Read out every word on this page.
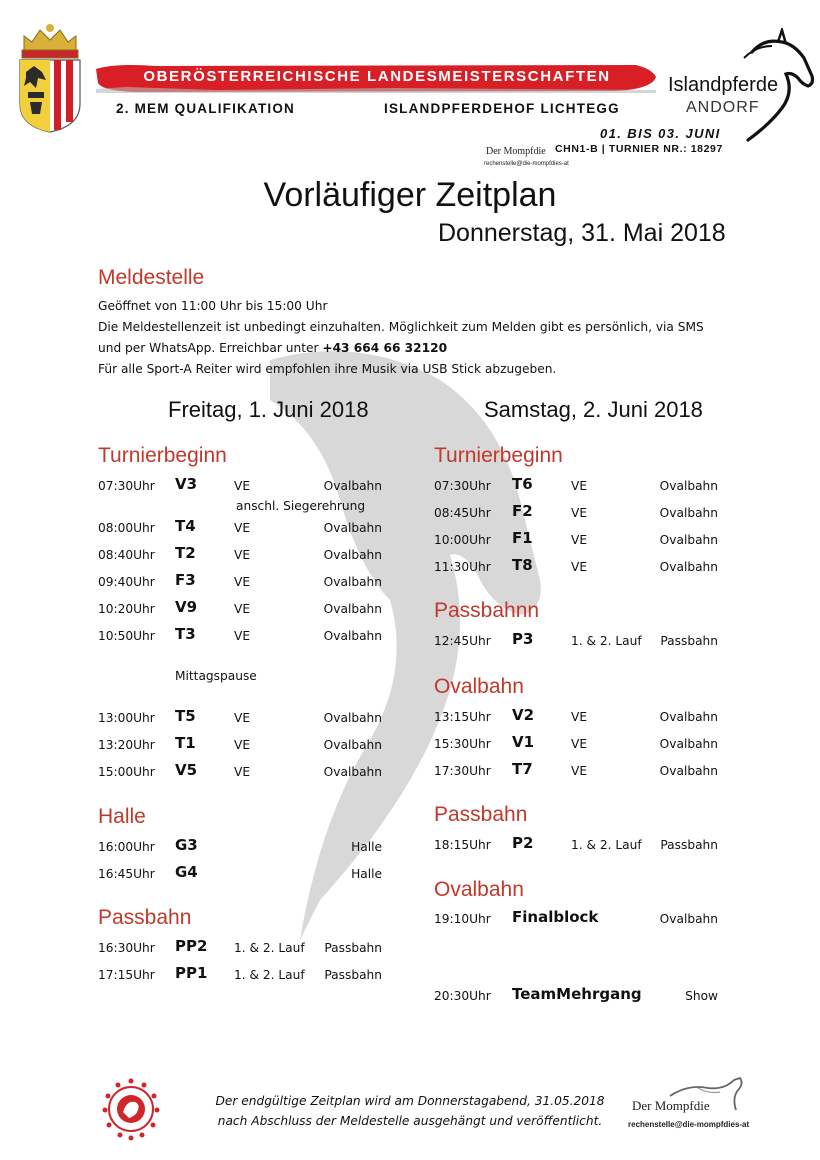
OBERÖSTERREICHISCHE LANDESMEISTERSCHAFTEN
2. MEM QUALIFIKATION	ISLANDPFERDEHOF LICHTEGG
Islandpferde
ANDORF
01. BIS 03. JUNI
CHN1-B | TURNIER NR.: 18297
Der Mompfdie
rechenstelle@die-mompfdies-at
Vorläufiger Zeitplan
Donnerstag, 31. Mai 2018
Meldestelle
Geöffnet von 11:00 Uhr bis 15:00 Uhr
Die Meldestellenzeit ist unbedingt einzuhalten. Möglichkeit zum Melden gibt es persönlich, via SMS
und per WhatsApp. Erreichbar unter +43 664 66 32120
Für alle Sport-A Reiter wird empfohlen ihre Musik via USB Stick abzugeben.
Freitag, 1. Juni 2018	Samstag, 2. Juni 2018
Turnierbeginn
07:30Uhr V3	VE	Ovalbahn
anschl. Siegerehrung
08:00Uhr T4	VE	Ovalbahn
08:40Uhr T2	VE	Ovalbahn
09:40Uhr F3	VE	Ovalbahn
10:20Uhr V9	VE	Ovalbahn
10:50Uhr T3	VE	Ovalbahn
Mittagspause
13:00Uhr T5	VE	Ovalbahn
13:20Uhr T1	VE	Ovalbahn
15:00Uhr V5	VE	Ovalbahn
Halle
16:00Uhr G3	Halle
16:45Uhr G4	Halle
Passbahn
16:30Uhr PP2 1. & 2. Lauf Passbahn
17:15Uhr PP1 1. & 2. Lauf Passbahn
Turnierbeginn
07:30Uhr T6	VE	Ovalbahn
08:45Uhr F2	VE	Ovalbahn
10:00Uhr F1	VE	Ovalbahn
11:30Uhr T8	VE	Ovalbahn
Passbahnn
12:45Uhr P3	1. & 2. Lauf Passbahn
Ovalbahn
13:15Uhr V2	VE	Ovalbahn
15:30Uhr V1	VE	Ovalbahn
17:30Uhr T7	VE	Ovalbahn
Passbahn
18:15Uhr P2	1. & 2. Lauf Passbahn
Ovalbahn
19:10Uhr Finalblock	Ovalbahn
20:30Uhr TeamMehrgang	Show
Der endgültige Zeitplan wird am Donnerstagabend, 31.05.2018
nach Abschluss der Meldestelle ausgehängt und veröffentlicht.
Der Mompfdie
rechenstelle@die-mompfdies-at
